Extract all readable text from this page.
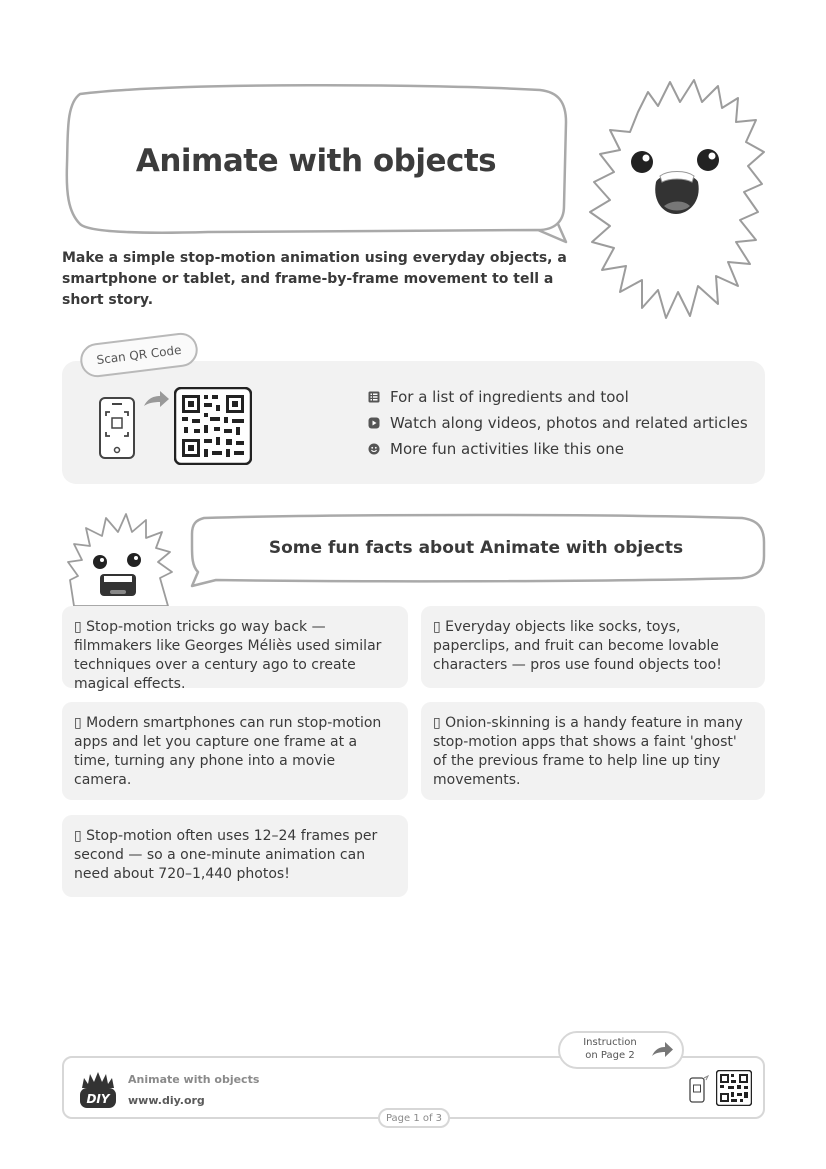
Animate with objects
Make a simple stop-motion animation using everyday objects, a smartphone or tablet, and frame-by-frame movement to tell a short story.
Scan QR Code
For a list of ingredients and tool
Watch along videos, photos and related articles
More fun activities like this one
Some fun facts about Animate with objects
▯ Stop-motion tricks go way back — filmmakers like Georges Méliès used similar techniques over a century ago to create magical effects.
▯ Everyday objects like socks, toys, paperclips, and fruit can become lovable characters — pros use found objects too!
▯ Modern smartphones can run stop-motion apps and let you capture one frame at a time, turning any phone into a movie camera.
▯ Onion-skinning is a handy feature in many stop-motion apps that shows a faint 'ghost' of the previous frame to help line up tiny movements.
▯ Stop-motion often uses 12–24 frames per second — so a one-minute animation can need about 720–1,440 photos!
Instruction
on Page 2
DIY
Animate with objects
www.diy.org
Page 1 of 3
